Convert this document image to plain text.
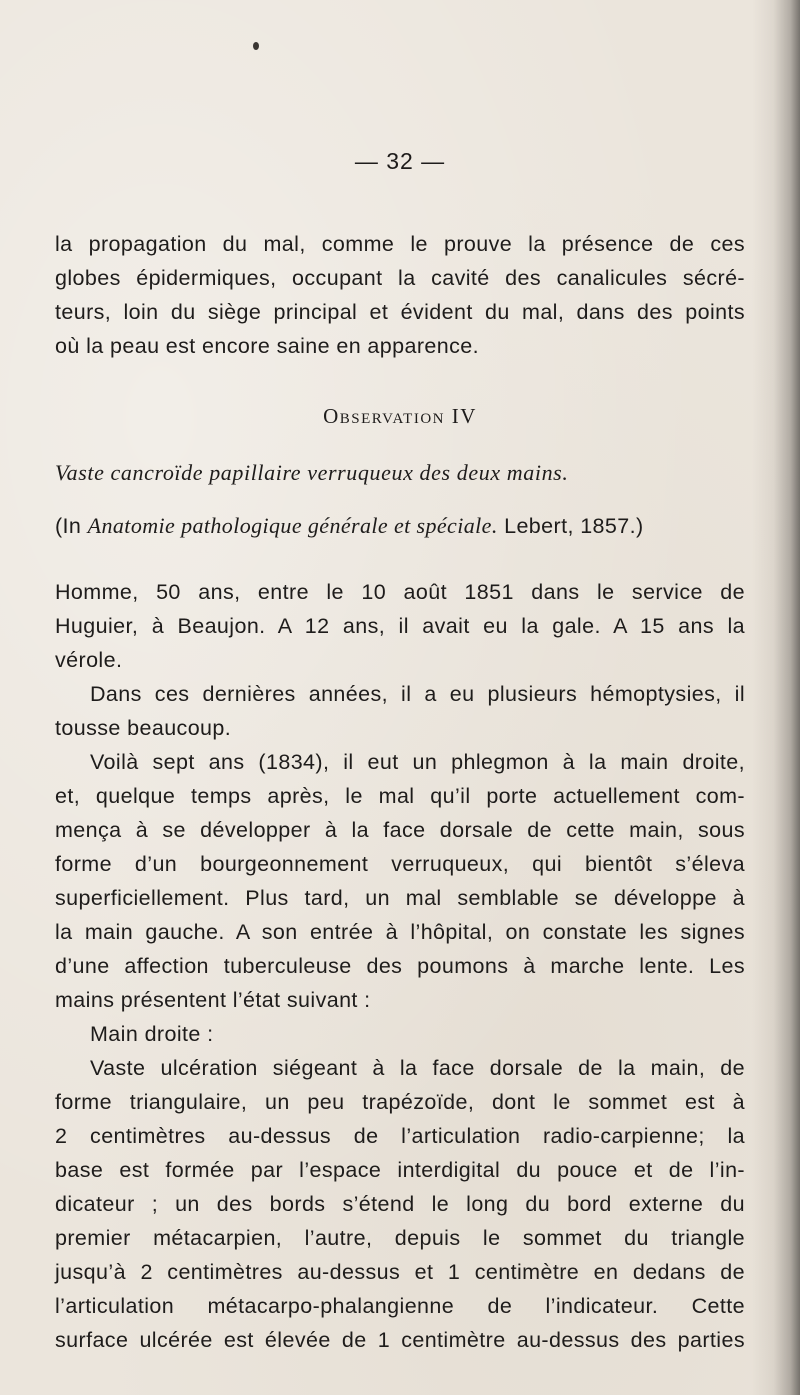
— 32 —
la propagation du mal, comme le prouve la présence de ces
globes épidermiques, occupant la cavité des canalicules sécré-
teurs, loin du siège principal et évident du mal, dans des points
où la peau est encore saine en apparence.
Observation IV
Vaste cancroïde papillaire verruqueux des deux mains.
(In Anatomie pathologique générale et spéciale. Lebert, 1857.)
Homme, 50 ans, entre le 10 août 1851 dans le service de
Huguier, à Beaujon. A 12 ans, il avait eu la gale. A 15 ans la
vérole.
Dans ces dernières années, il a eu plusieurs hémoptysies, il
tousse beaucoup.
Voilà sept ans (1834), il eut un phlegmon à la main droite,
et, quelque temps après, le mal qu’il porte actuellement com-
mença à se développer à la face dorsale de cette main, sous
forme d’un bourgeonnement verruqueux, qui bientôt s’éleva
superficiellement. Plus tard, un mal semblable se développe à
la main gauche. A son entrée à l’hôpital, on constate les signes
d’une affection tuberculeuse des poumons à marche lente. Les
mains présentent l’état suivant :
Main droite :
Vaste ulcération siégeant à la face dorsale de la main, de
forme triangulaire, un peu trapézoïde, dont le sommet est à
2 centimètres au-dessus de l’articulation radio-carpienne; la
base est formée par l’espace interdigital du pouce et de l’in-
dicateur ; un des bords s’étend le long du bord externe du
premier métacarpien, l’autre, depuis le sommet du triangle
jusqu’à 2 centimètres au-dessus et 1 centimètre en dedans de
l’articulation métacarpo-phalangienne de l’indicateur. Cette
surface ulcérée est élevée de 1 centimètre au-dessus des parties
